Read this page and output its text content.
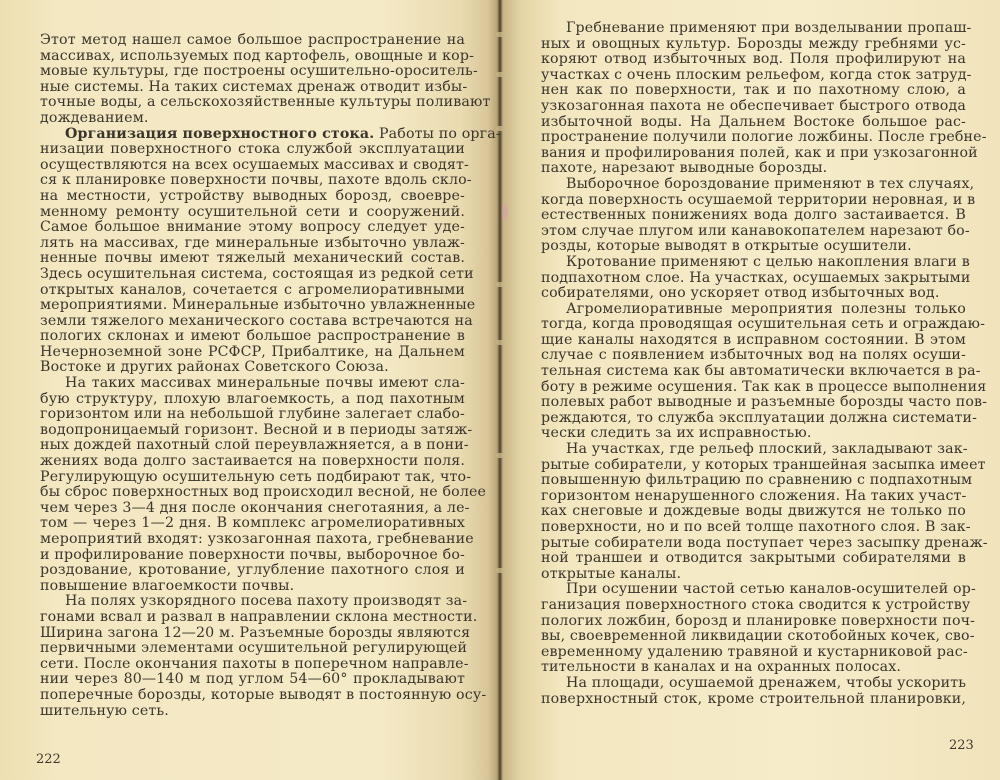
Этот метод нашел самое большое распространение на
массивах, используемых под картофель, овощные и кор-
мовые культуры, где построены осушительно-ороситель-
ные системы. На таких системах дренаж отводит избы-
точные воды, а сельскохозяйственные культуры поливают
дождеванием.
Организация поверхностного стока. Работы по орга-
низации поверхностного стока службой эксплуатации
осуществляются на всех осушаемых массивах и сводят-
ся к планировке поверхности почвы, пахоте вдоль скло-
на местности, устройству выводных борозд, своевре-
менному ремонту осушительной сети и сооружений.
Самое большое внимание этому вопросу следует уде-
лять на массивах, где минеральные избыточно увлаж-
ненные почвы имеют тяжелый механический состав.
Здесь осушительная система, состоящая из редкой сети
открытых каналов, сочетается с агромелиоративными
мероприятиями. Минеральные избыточно увлажненные
земли тяжелого механического состава встречаются на
пологих склонах и имеют большое распространение в
Нечерноземной зоне РСФСР, Прибалтике, на Дальнем
Востоке и других районах Советского Союза.
На таких массивах минеральные почвы имеют сла-
бую структуру, плохую влагоемкость, а под пахотным
горизонтом или на небольшой глубине залегает слабо-
водопроницаемый горизонт. Весной и в периоды затяж-
ных дождей пахотный слой переувлажняется, а в пони-
жениях вода долго застаивается на поверхности поля.
Регулирующую осушительную сеть подбирают так, что-
бы сброс поверхностных вод происходил весной, не более
чем через 3—4 дня после окончания снеготаяния, а ле-
том — через 1—2 дня. В комплекс агромелиоративных
мероприятий входят: узкозагонная пахота, гребневание
и профилирование поверхности почвы, выборочное бо-
роздование, кротование, углубление пахотного слоя и
повышение влагоемкости почвы.
На полях узкорядного посева пахоту производят за-
гонами всвал и развал в направлении склона местности.
Ширина загона 12—20 м. Разъемные борозды являются
первичными элементами осушительной регулирующей
сети. После окончания пахоты в поперечном направле-
нии через 80—140 м под углом 54—60° прокладывают
поперечные борозды, которые выводят в постоянную осу-
шительную сеть.
222
Гребневание применяют при возделывании пропаш-
ных и овощных культур. Борозды между гребнями ус-
коряют отвод избыточных вод. Поля профилируют на
участках с очень плоским рельефом, когда сток затруд-
нен как по поверхности, так и по пахотному слою, а
узкозагонная пахота не обеспечивает быстрого отвода
избыточной воды. На Дальнем Востоке большое рас-
пространение получили пологие ложбины. После гребне-
вания и профилирования полей, как и при узкозагонной
пахоте, нарезают выводные борозды.
Выборочное бороздование применяют в тех случаях,
когда поверхность осушаемой территории неровная, и в
естественных понижениях вода долго застаивается. В
этом случае плугом или канавокопателем нарезают бо-
розды, которые выводят в открытые осушители.
Кротование применяют с целью накопления влаги в
подпахотном слое. На участках, осушаемых закрытыми
собирателями, оно ускоряет отвод избыточных вод.
Агромелиоративные мероприятия полезны только
тогда, когда проводящая осушительная сеть и ограждаю-
щие каналы находятся в исправном состоянии. В этом
случае с появлением избыточных вод на полях осуши-
тельная система как бы автоматически включается в ра-
боту в режиме осушения. Так как в процессе выполнения
полевых работ выводные и разъемные борозды часто пов-
реждаются, то служба эксплуатации должна системати-
чески следить за их исправностью.
На участках, где рельеф плоский, закладывают зак-
рытые собиратели, у которых траншейная засыпка имеет
повышенную фильтрацию по сравнению с подпахотным
горизонтом ненарушенного сложения. На таких участ-
ках снеговые и дождевые воды движутся не только по
поверхности, но и по всей толще пахотного слоя. В зак-
рытые собиратели вода поступает через засыпку дренаж-
ной траншеи и отводится закрытыми собирателями в
открытые каналы.
При осушении частой сетью каналов-осушителей ор-
ганизация поверхностного стока сводится к устройству
пологих ложбин, борозд и планировке поверхности поч-
вы, своевременной ликвидации скотобойных кочек, сво-
евременному удалению травяной и кустарниковой рас-
тительности в каналах и на охранных полосах.
На площади, осушаемой дренажем, чтобы ускорить
поверхностный сток, кроме строительной планировки,
223
